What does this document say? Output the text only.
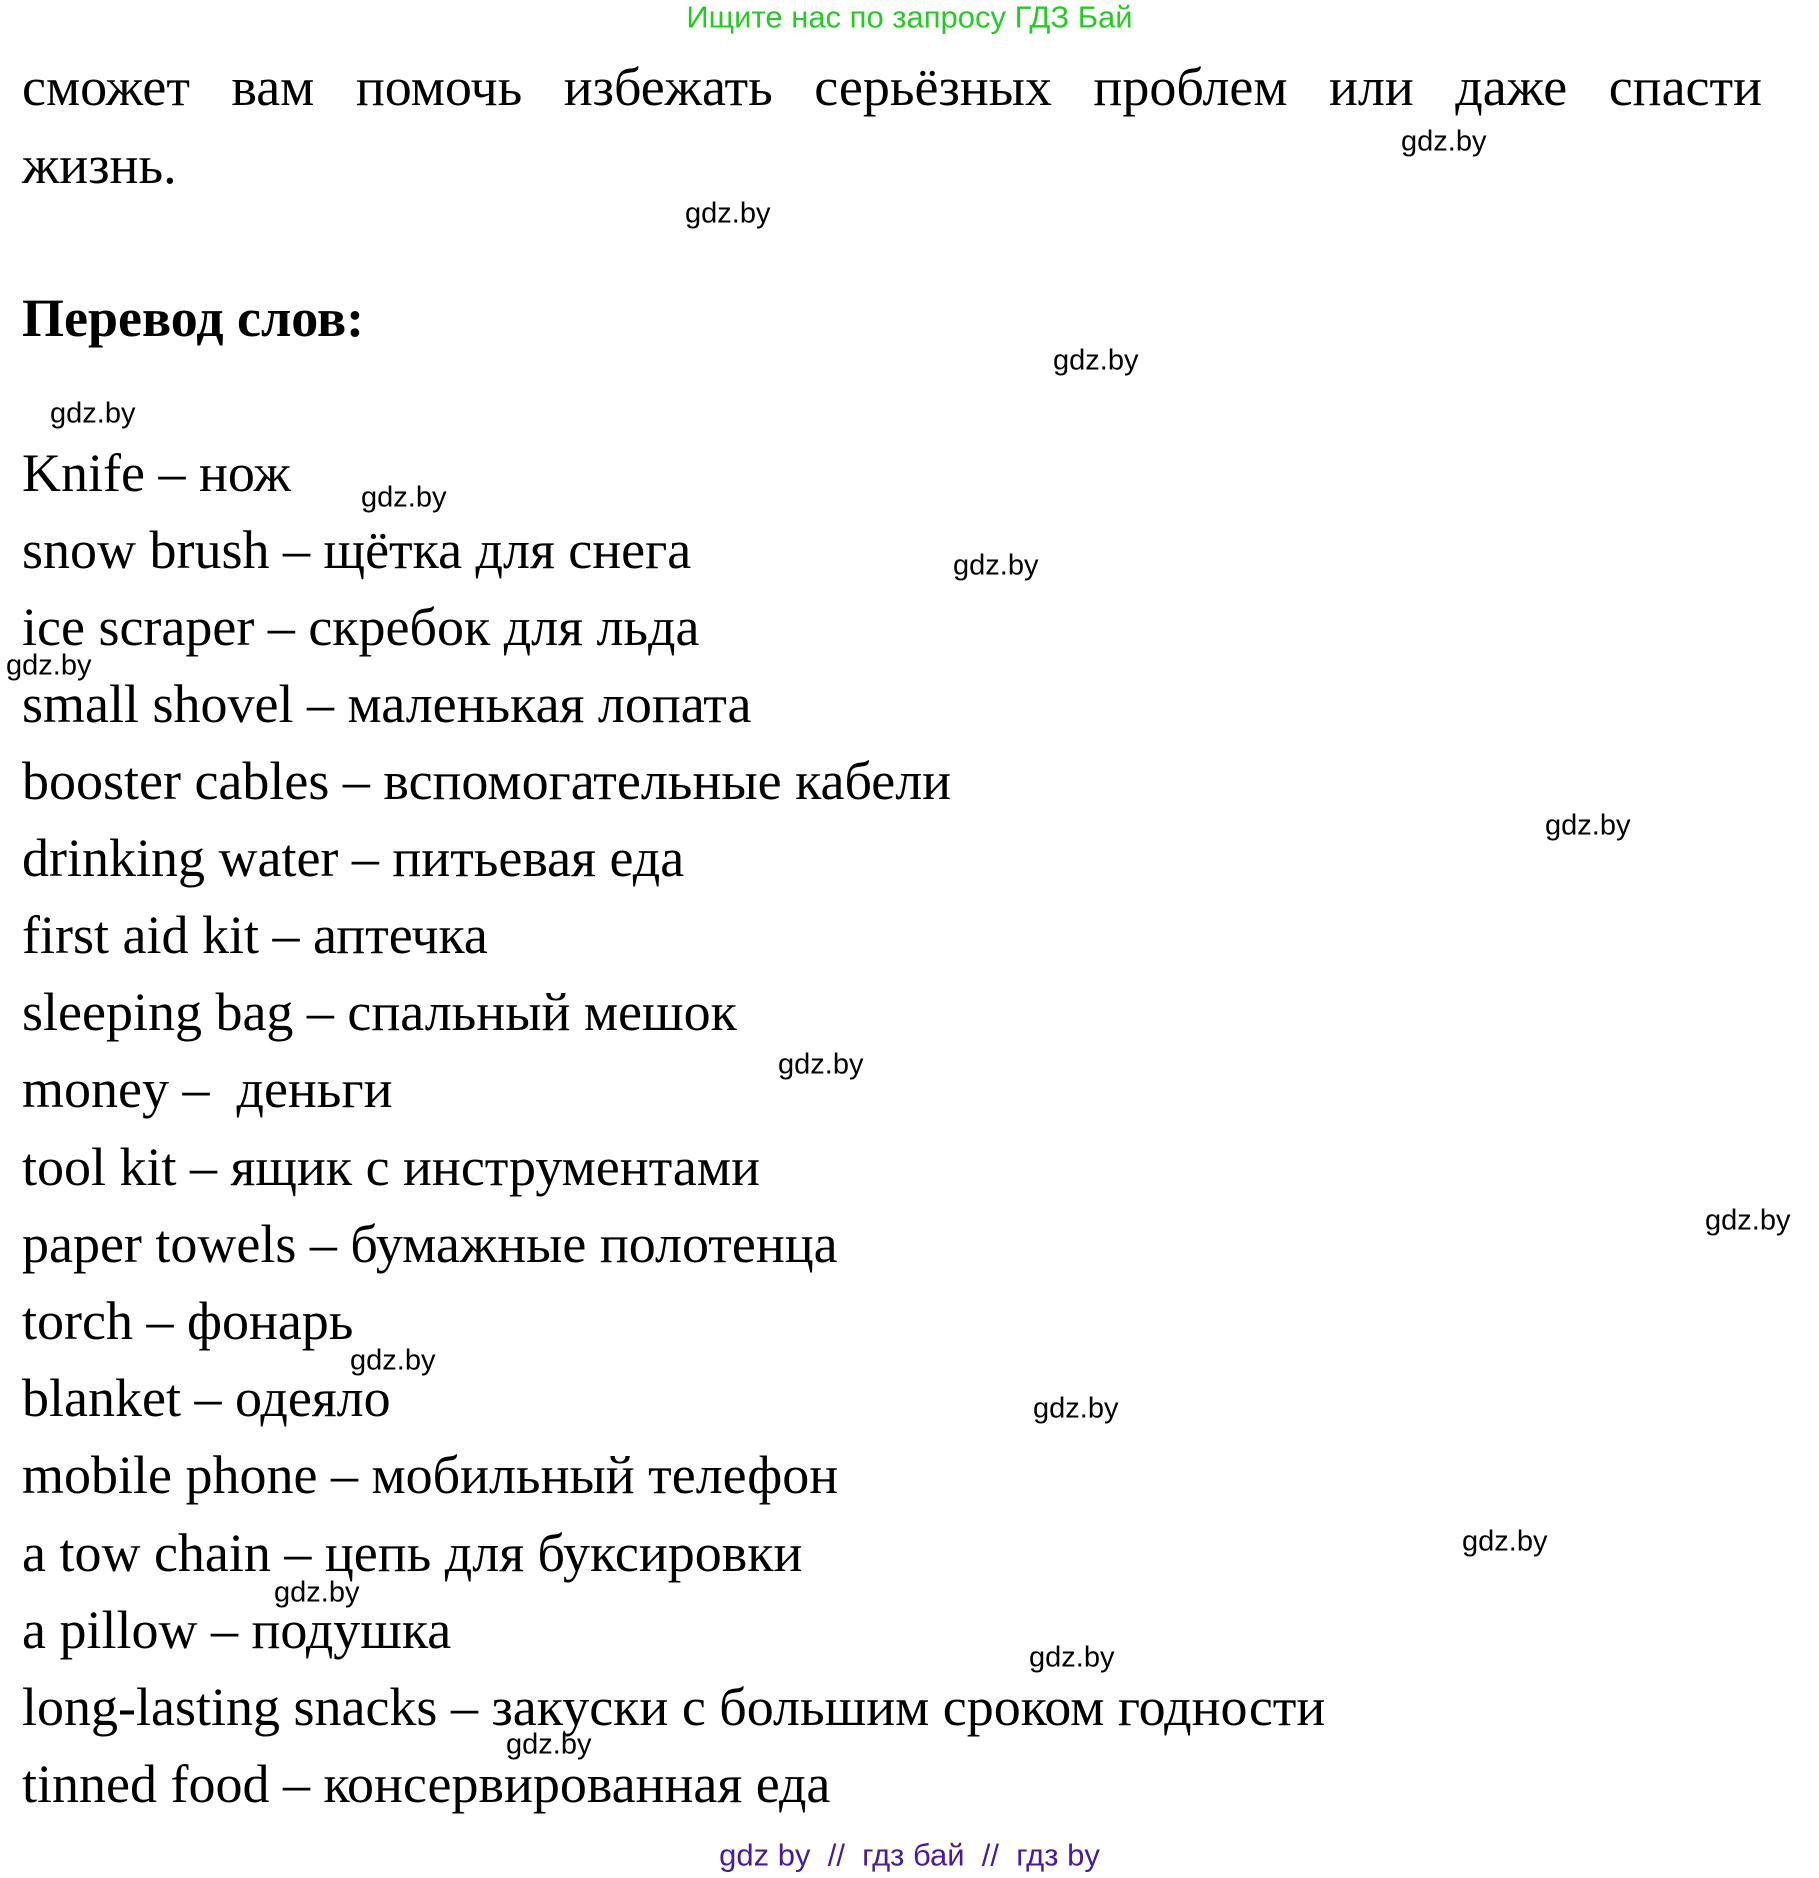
Ищите нас по запросу ГДЗ Бай
сможет вам помочь избежать серьёзных проблем или даже спасти
жизнь.
Перевод слов:
Knife – нож
snow brush – щётка для снега
ice scraper – скребок для льда
small shovel – маленькая лопата
booster cables – вспомогательные кабели
drinking water – питьевая еда
first aid kit – аптечка
sleeping bag – спальный мешок
money –  деньги
tool kit – ящик с инструментами
paper towels – бумажные полотенца
torch – фонарь
blanket – одеяло
mobile phone – мобильный телефон
a tow chain – цепь для буксировки
a pillow – подушка
long-lasting snacks – закуски с большим сроком годности
tinned food – консервированная еда
gdz.by
gdz.by
gdz.by
gdz.by
gdz.by
gdz.by
gdz.by
gdz.by
gdz.by
gdz.by
gdz.by
gdz.by
gdz.by
gdz.by
gdz.by
gdz.by
gdz by  //  гдз бай  //  гдз by
